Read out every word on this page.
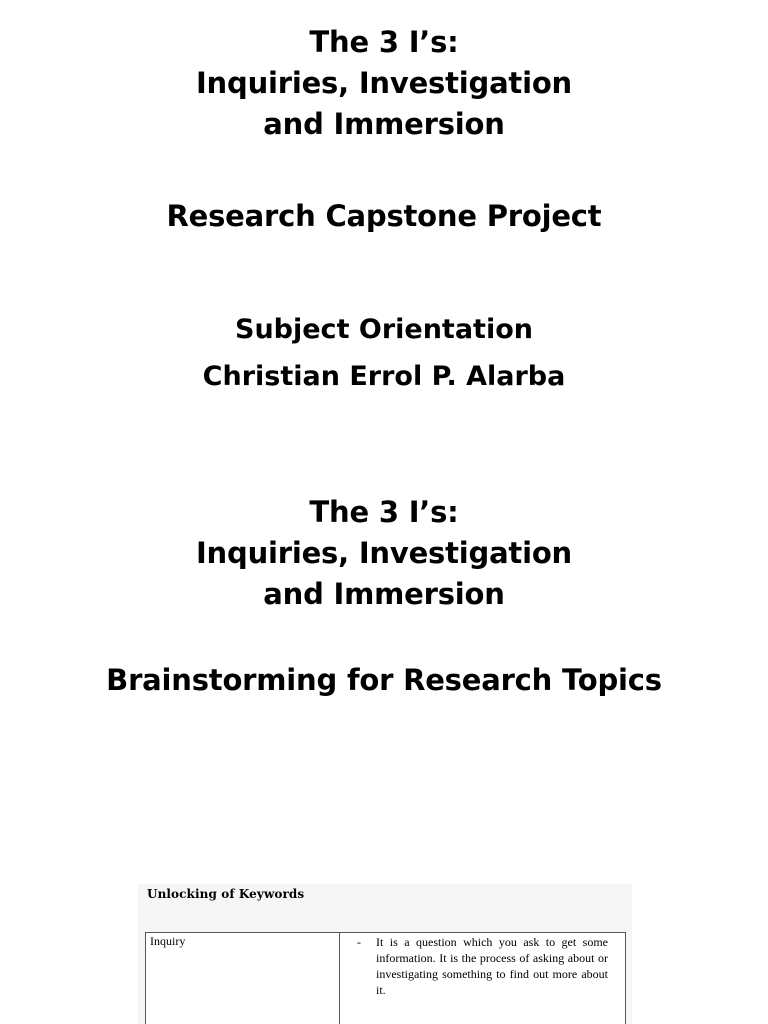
The 3 I’s:
Inquiries, Investigation
and Immersion
Research Capstone Project
Subject Orientation
Christian Errol P. Alarba
The 3 I’s:
Inquiries, Investigation
and Immersion
Brainstorming for Research Topics
Unlocking of Keywords
Inquiry	- It is a question which you ask to get some information. It is the process of asking about or investigating something to find out more about it.
